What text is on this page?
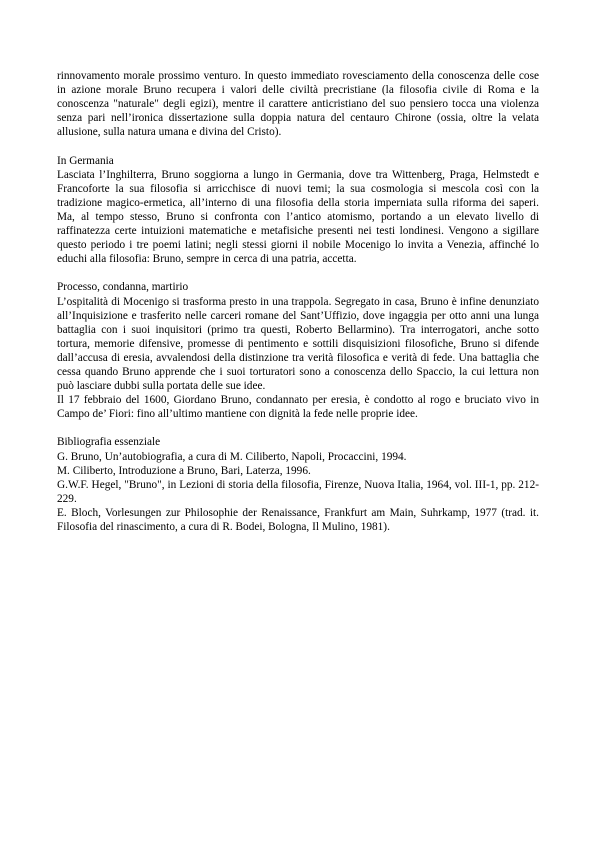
rinnovamento morale prossimo venturo. In questo immediato rovesciamento della conoscenza delle cose in azione morale Bruno recupera i valori delle civiltà precristiane (la filosofia civile di Roma e la conoscenza "naturale" degli egizi), mentre il carattere anticristiano del suo pensiero tocca una violenza senza pari nell’ironica dissertazione sulla doppia natura del centauro Chirone (ossia, oltre la velata allusione, sulla natura umana e divina del Cristo).

In Germania

Lasciata l’Inghilterra, Bruno soggiorna a lungo in Germania, dove tra Wittenberg, Praga, Helmstedt e Francoforte la sua filosofia si arricchisce di nuovi temi; la sua cosmologia si mescola così con la tradizione magico-ermetica, all’interno di una filosofia della storia imperniata sulla riforma dei saperi. Ma, al tempo stesso, Bruno si confronta con l’antico atomismo, portando a un elevato livello di raffinatezza certe intuizioni matematiche e metafisiche presenti nei testi londinesi. Vengono a sigillare questo periodo i tre poemi latini; negli stessi giorni il nobile Mocenigo lo invita a Venezia, affinché lo educhi alla filosofia: Bruno, sempre in cerca di una patria, accetta.

Processo, condanna, martirio

L’ospitalità di Mocenigo si trasforma presto in una trappola. Segregato in casa, Bruno è infine denunziato all’Inquisizione e trasferito nelle carceri romane del Sant’Uffizio, dove ingaggia per otto anni una lunga battaglia con i suoi inquisitori (primo tra questi, Roberto Bellarmino). Tra interrogatori, anche sotto tortura, memorie difensive, promesse di pentimento e sottili disquisizioni filosofiche, Bruno si difende dall’accusa di eresia, avvalendosi della distinzione tra verità filosofica e verità di fede. Una battaglia che cessa quando Bruno apprende che i suoi torturatori sono a conoscenza dello Spaccio, la cui lettura non può lasciare dubbi sulla portata delle sue idee.

Il 17 febbraio del 1600, Giordano Bruno, condannato per eresia, è condotto al rogo e bruciato vivo in Campo de’ Fiori: fino all’ultimo mantiene con dignità la fede nelle proprie idee.

Bibliografia essenziale

G. Bruno, Un’autobiografia, a cura di M. Ciliberto, Napoli, Procaccini, 1994.

M. Ciliberto, Introduzione a Bruno, Bari, Laterza, 1996.

G.W.F. Hegel, "Bruno", in Lezioni di storia della filosofia, Firenze, Nuova Italia, 1964, vol. III-1, pp. 212-229.

E. Bloch, Vorlesungen zur Philosophie der Renaissance, Frankfurt am Main, Suhrkamp, 1977 (trad. it. Filosofia del rinascimento, a cura di R. Bodei, Bologna, Il Mulino, 1981).
